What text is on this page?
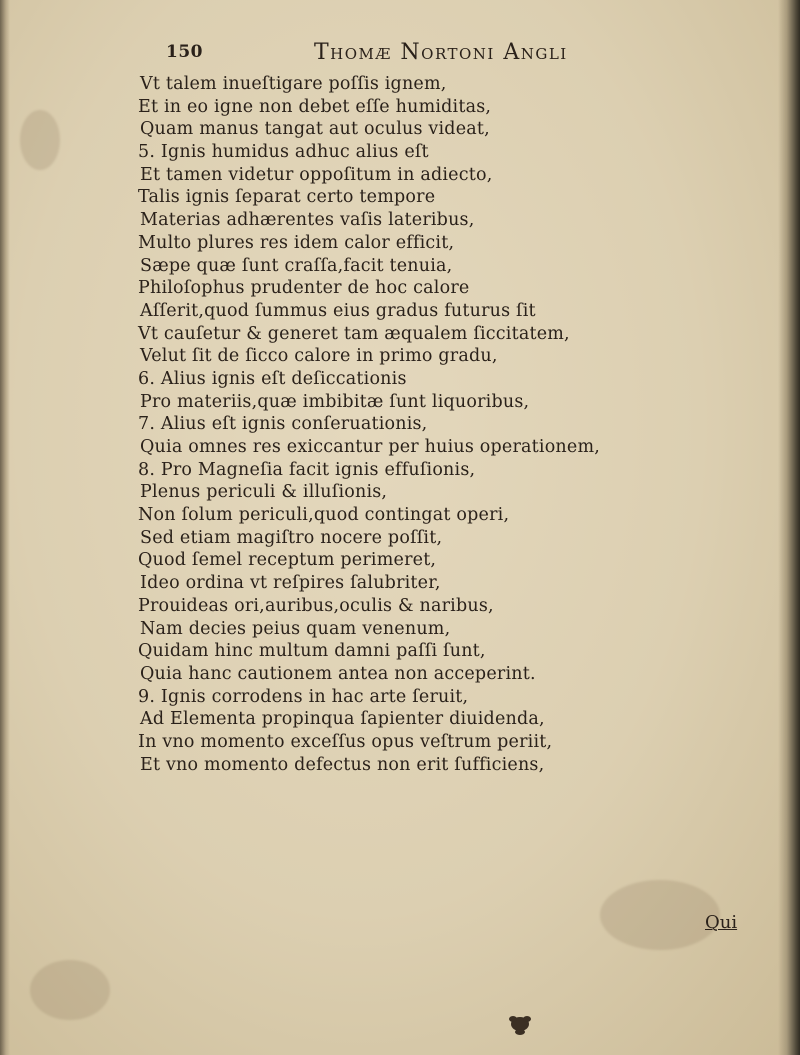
150	Thomæ Nortoni Angli
Vt talem inueſtigare poſſis ignem,
Et in eo igne non debet eſſe humiditas,
Quam manus tangat aut oculus videat,
5. Ignis humidus adhuc alius eſt
Et tamen videtur oppoſitum in adiecto,
Talis ignis ſeparat certo tempore
Materias adhærentes vaſis lateribus,
Multo plures res idem calor efficit,
Sæpe quæ ſunt craſſa,facit tenuia,
Philoſophus prudenter de hoc calore
Aſſerit,quod ſummus eius gradus futurus ſit
Vt cauſetur & generet tam æqualem ſiccitatem,
Velut ſit de ſicco calore in primo gradu,
6. Alius ignis eſt deſiccationis
Pro materiis,quæ imbibitæ ſunt liquoribus,
7. Alius eſt ignis conſeruationis,
Quia omnes res exiccantur per huius operationem,
8. Pro Magneſia facit ignis effuſionis,
Plenus periculi & illuſionis,
Non ſolum periculi,quod contingat operi,
Sed etiam magiſtro nocere poſſit,
Quod ſemel receptum perimeret,
Ideo ordina vt reſpires ſalubriter,
Prouideas ori,auribus,oculis & naribus,
Nam decies peius quam venenum,
Quidam hinc multum damni paſſi ſunt,
Quia hanc cautionem antea non acceperint.
9. Ignis corrodens in hac arte ſeruit,
Ad Elementa propinqua ſapienter diuidenda,
In vno momento exceſſus opus veſtrum periit,
Et vno momento defectus non erit ſufficiens,
Qui
